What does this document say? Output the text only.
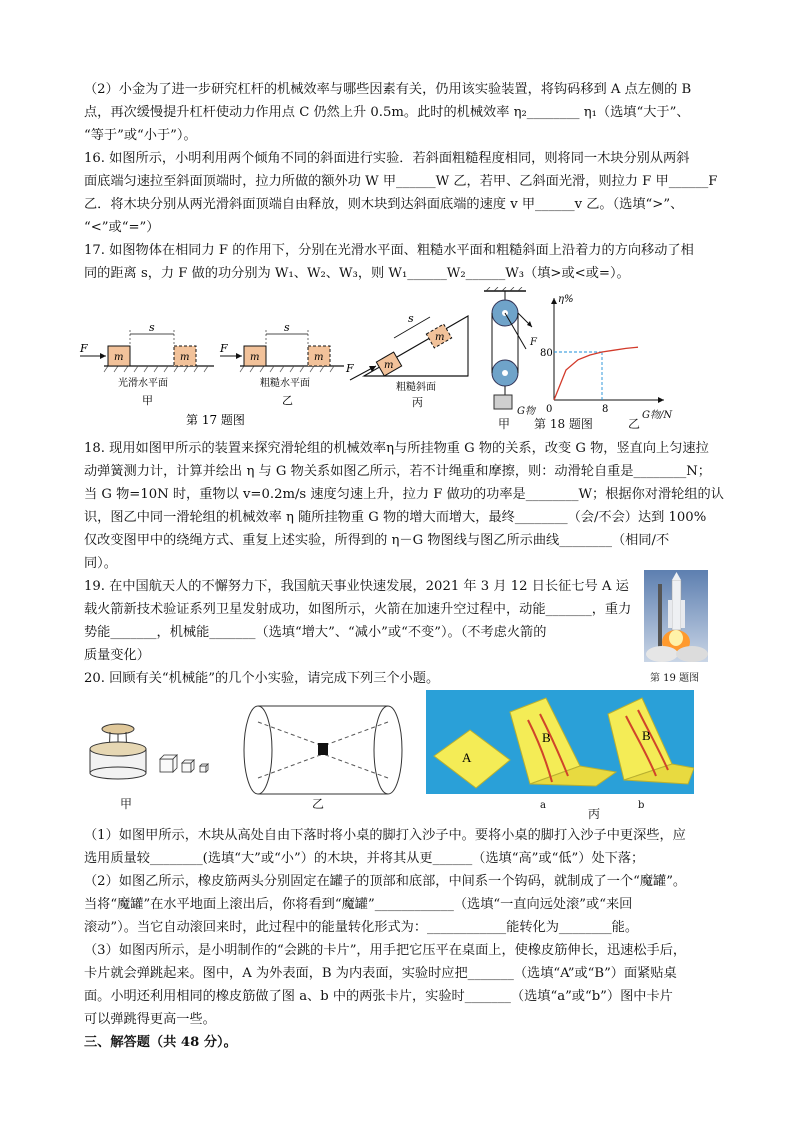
（2）小金为了进一步研究杠杆的机械效率与哪些因素有关，仍用该实验装置，将钩码移到 A 点左侧的 B
点，再次缓慢提升杠杆使动力作用点 C 仍然上升 0.5m。此时的机械效率 η₂________ η₁（选填“大于”、
“等于”或“小于”）。
16. 如图所示，小明利用两个倾角不同的斜面进行实验．若斜面粗糙程度相同，则将同一木块分别从两斜
面底端匀速拉至斜面顶端时，拉力所做的额外功 W 甲______W 乙，若甲、乙斜面光滑，则拉力 F 甲______F
乙．将木块分别从两光滑斜面顶端自由释放，则木块到达斜面底端的速度 v 甲______v 乙。（选填“>”、
“<”或“=”）
17. 如图物体在相同力 F 的作用下，分别在光滑水平面、粗糙水平面和粗糙斜面上沿着力的方向移动了相
同的距离 s，力 F 做的功分别为 W₁、W₂、W₃，则 W₁______W₂______W₃（填>或<或=）。
F
s
m	m
光滑水平面
甲
F
s
m	m
粗糙水平面
乙
F
s
m
m
粗糙斜面
丙
第 17 题图
F
G物
甲
η%
80
0	8
G物/N
乙
第 18 题图
18. 现用如图甲所示的装置来探究滑轮组的机械效率η与所挂物重 G 物的关系，改变 G 物，竖直向上匀速拉
动弹簧测力计，计算并绘出 η 与 G 物关系如图乙所示，若不计绳重和摩擦，则：动滑轮自重是________N；
当 G 物=10N 时，重物以 v=0.2m/s 速度匀速上升，拉力 F 做功的功率是________W；根据你对滑轮组的认
识，图乙中同一滑轮组的机械效率 η 随所挂物重 G 物的增大而增大，最终________（会/不会）达到 100%
仅改变图甲中的绕绳方式、重复上述实验，所得到的 η－G 物图线与图乙所示曲线________（相同/不
同）。
19. 在中国航天人的不懈努力下，我国航天事业快速发展，2021 年 3 月 12 日长征七号 A 运
载火箭新技术验证系列卫星发射成功，如图所示，火箭在加速升空过程中，动能_______，重力
势能_______，机械能_______（选填“增大”、“减小”或“不变”）。（不考虑火箭的
质量变化）
20. 回顾有关“机械能”的几个小实验，请完成下列三个小题。	第 19 题图
甲	乙
A
B	B
a
丙
b
（1）如图甲所示，木块从高处自由下落时将小桌的脚打入沙子中。要将小桌的脚打入沙子中更深些，应
选用质量较________(选填“大”或“小”）的木块，并将其从更______（选填“高”或“低”）处下落；
（2）如图乙所示，橡皮筋两头分别固定在罐子的顶部和底部，中间系一个钩码，就制成了一个“魔罐”。
当将“魔罐”在水平地面上滚出后，你将看到“魔罐”____________（选填“一直向远处滚”或“来回
滚动”）。当它自动滚回来时，此过程中的能量转化形式为：____________能转化为________能。
（3）如图丙所示，是小明制作的“会跳的卡片”，用手把它压平在桌面上，使橡皮筋伸长，迅速松手后，
卡片就会弹跳起来。图中，A 为外表面，B 为内表面，实验时应把_______（选填“A”或“B”）面紧贴桌
面。小明还利用相同的橡皮筋做了图 a、b 中的两张卡片，实验时_______（选填“a”或“b”）图中卡片
可以弹跳得更高一些。
三、解答题（共 48 分）。
